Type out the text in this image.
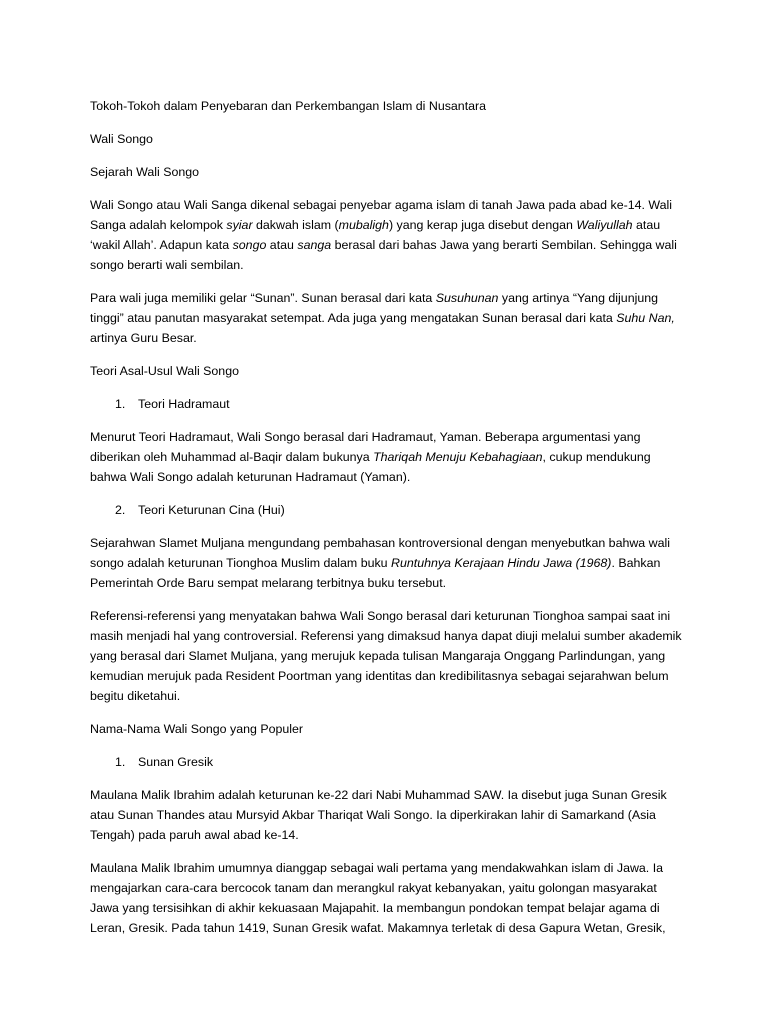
Tokoh-Tokoh dalam Penyebaran dan Perkembangan Islam di Nusantara

Wali Songo

Sejarah Wali Songo

Wali Songo atau Wali Sanga dikenal sebagai penyebar agama islam di tanah Jawa pada abad ke-14. Wali Sanga adalah kelompok syiar dakwah islam (mubaligh) yang kerap juga disebut dengan Waliyullah atau ‘wakil Allah’. Adapun kata songo atau sanga berasal dari bahas Jawa yang berarti Sembilan. Sehingga wali songo berarti wali sembilan.

Para wali juga memiliki gelar “Sunan”. Sunan berasal dari kata Susuhunan yang artinya “Yang dijunjung tinggi” atau panutan masyarakat setempat. Ada juga yang mengatakan Sunan berasal dari kata Suhu Nan, artinya Guru Besar.

Teori Asal-Usul Wali Songo

1.	Teori Hadramaut

Menurut Teori Hadramaut, Wali Songo berasal dari Hadramaut, Yaman. Beberapa argumentasi yang diberikan oleh Muhammad al-Baqir dalam bukunya Thariqah Menuju Kebahagiaan, cukup mendukung bahwa Wali Songo adalah keturunan Hadramaut (Yaman).

2.	Teori Keturunan Cina (Hui)

Sejarahwan Slamet Muljana mengundang pembahasan kontroversional dengan menyebutkan bahwa wali songo adalah keturunan Tionghoa Muslim dalam buku Runtuhnya Kerajaan Hindu Jawa (1968). Bahkan Pemerintah Orde Baru sempat melarang terbitnya buku tersebut.

Referensi-referensi yang menyatakan bahwa Wali Songo berasal dari keturunan Tionghoa sampai saat ini masih menjadi hal yang controversial. Referensi yang dimaksud hanya dapat diuji melalui sumber akademik yang berasal dari Slamet Muljana, yang merujuk kepada tulisan Mangaraja Onggang Parlindungan, yang kemudian merujuk pada Resident Poortman yang identitas dan kredibilitasnya sebagai sejarahwan belum begitu diketahui.

Nama-Nama Wali Songo yang Populer

1.	Sunan Gresik

Maulana Malik Ibrahim adalah keturunan ke-22 dari Nabi Muhammad SAW. Ia disebut juga Sunan Gresik atau Sunan Thandes atau Mursyid Akbar Thariqat Wali Songo. Ia diperkirakan lahir di Samarkand (Asia Tengah) pada paruh awal abad ke-14.

Maulana Malik Ibrahim umumnya dianggap sebagai wali pertama yang mendakwahkan islam di Jawa. Ia mengajarkan cara-cara bercocok tanam dan merangkul rakyat kebanyakan, yaitu golongan masyarakat Jawa yang tersisihkan di akhir kekuasaan Majapahit. Ia membangun pondokan tempat belajar agama di Leran, Gresik. Pada tahun 1419, Sunan Gresik wafat. Makamnya terletak di desa Gapura Wetan, Gresik,
